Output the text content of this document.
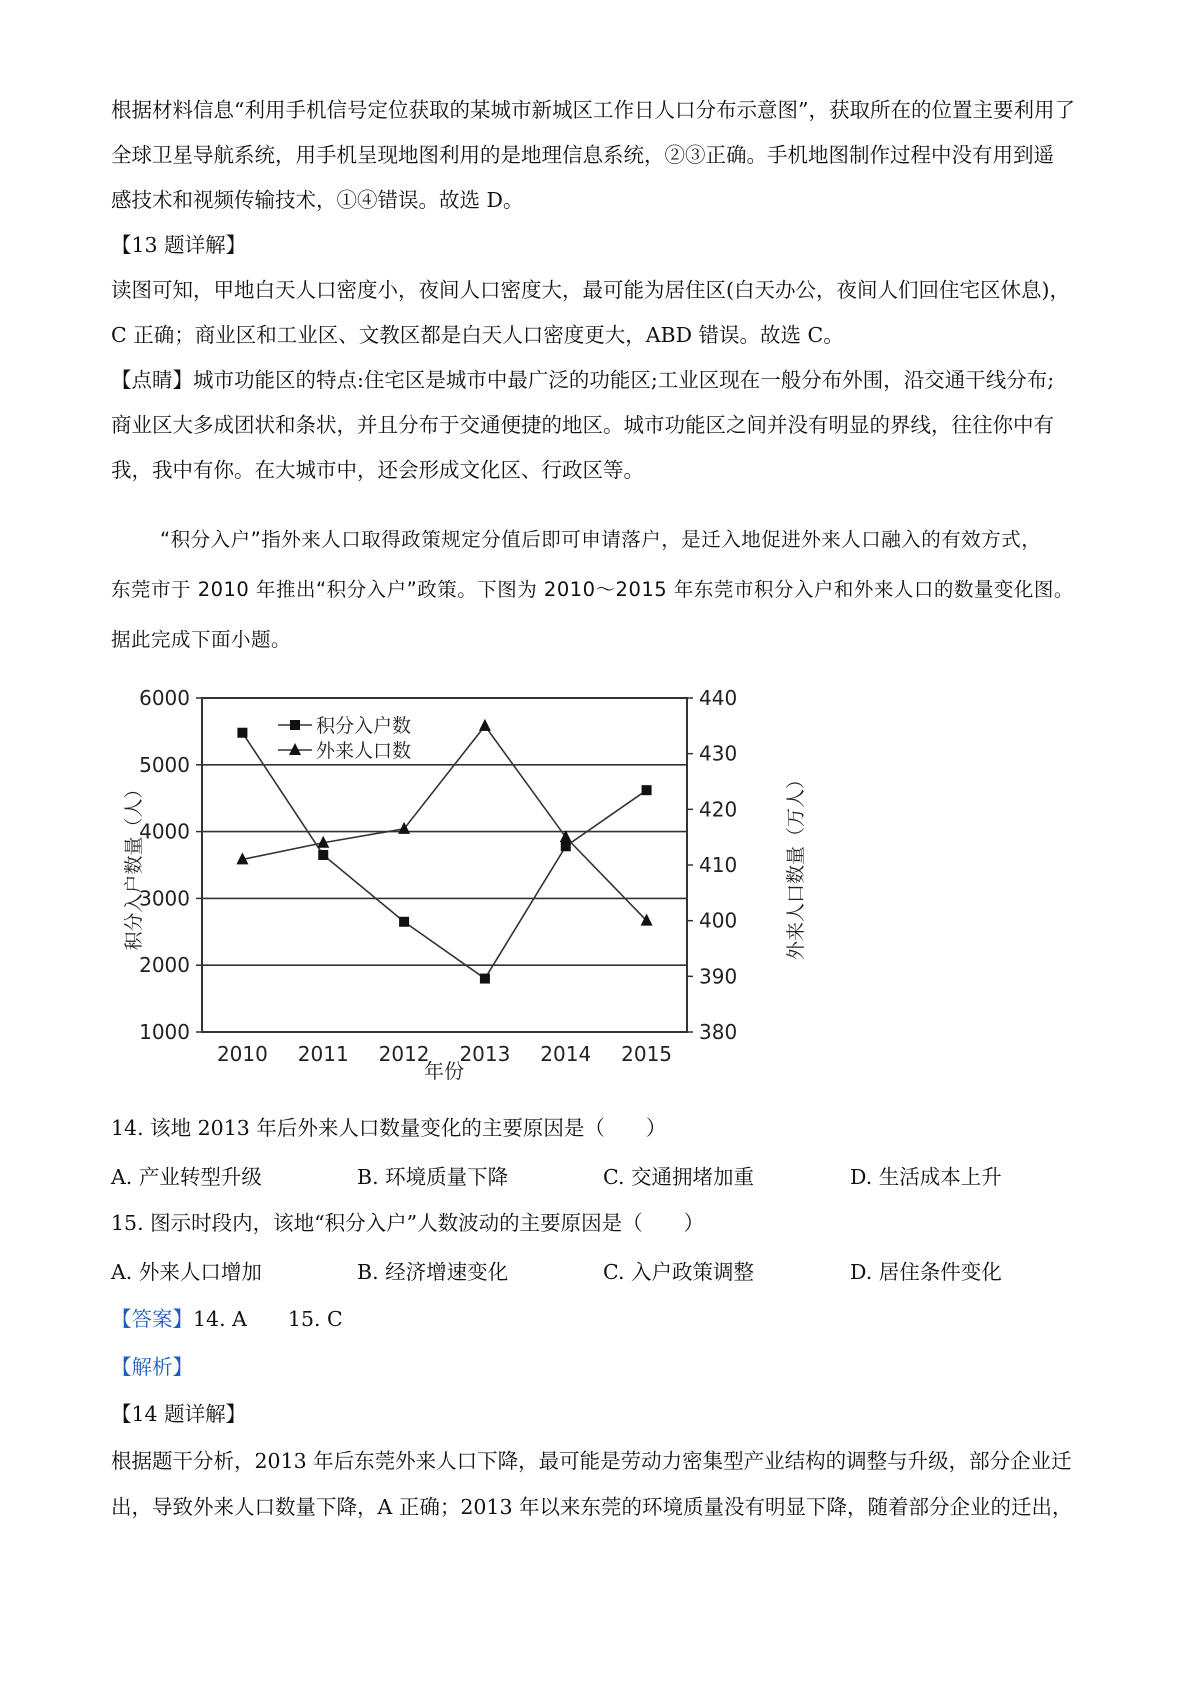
根据材料信息“利用手机信号定位获取的某城市新城区工作日人口分布示意图”，获取所在的位置主要利用了
全球卫星导航系统，用手机呈现地图利用的是地理信息系统，②③正确。手机地图制作过程中没有用到遥
感技术和视频传输技术，①④错误。故选 D。
【13 题详解】
读图可知，甲地白天人口密度小，夜间人口密度大，最可能为居住区(白天办公，夜间人们回住宅区休息)，
C 正确；商业区和工业区、文教区都是白天人口密度更大，ABD 错误。故选 C。
【点睛】城市功能区的特点:住宅区是城市中最广泛的功能区;工业区现在一般分布外围，沿交通干线分布;
商业区大多成团状和条状，并且分布于交通便捷的地区。城市功能区之间并没有明显的界线，往往你中有
我，我中有你。在大城市中，还会形成文化区、行政区等。
“积分入户”指外来人口取得政策规定分值后即可申请落户，是迁入地促进外来人口融入的有效方式，
东莞市于 2010 年推出“积分入户”政策。下图为 2010～2015 年东莞市积分入户和外来人口的数量变化图。
据此完成下面小题。
1000
2000
3000
4000
5000
6000
380
390
400
410
420
430
440
2010 2011 2012 2013 2014 2015
年份
积分入户数量（人）	外来人口数量（万人）
积分入户数
外来人口数
14. 该地 2013 年后外来人口数量变化的主要原因是（　　）
A. 产业转型升级	B. 环境质量下降	C. 交通拥堵加重	D. 生活成本上升
15. 图示时段内，该地“积分入户”人数波动的主要原因是（　　）
A. 外来人口增加	B. 经济增速变化	C. 入户政策调整	D. 居住条件变化
【答案】14. A　　15. C
【解析】
【14 题详解】
根据题干分析，2013 年后东莞外来人口下降，最可能是劳动力密集型产业结构的调整与升级，部分企业迁
出，导致外来人口数量下降，A 正确；2013 年以来东莞的环境质量没有明显下降，随着部分企业的迁出，
